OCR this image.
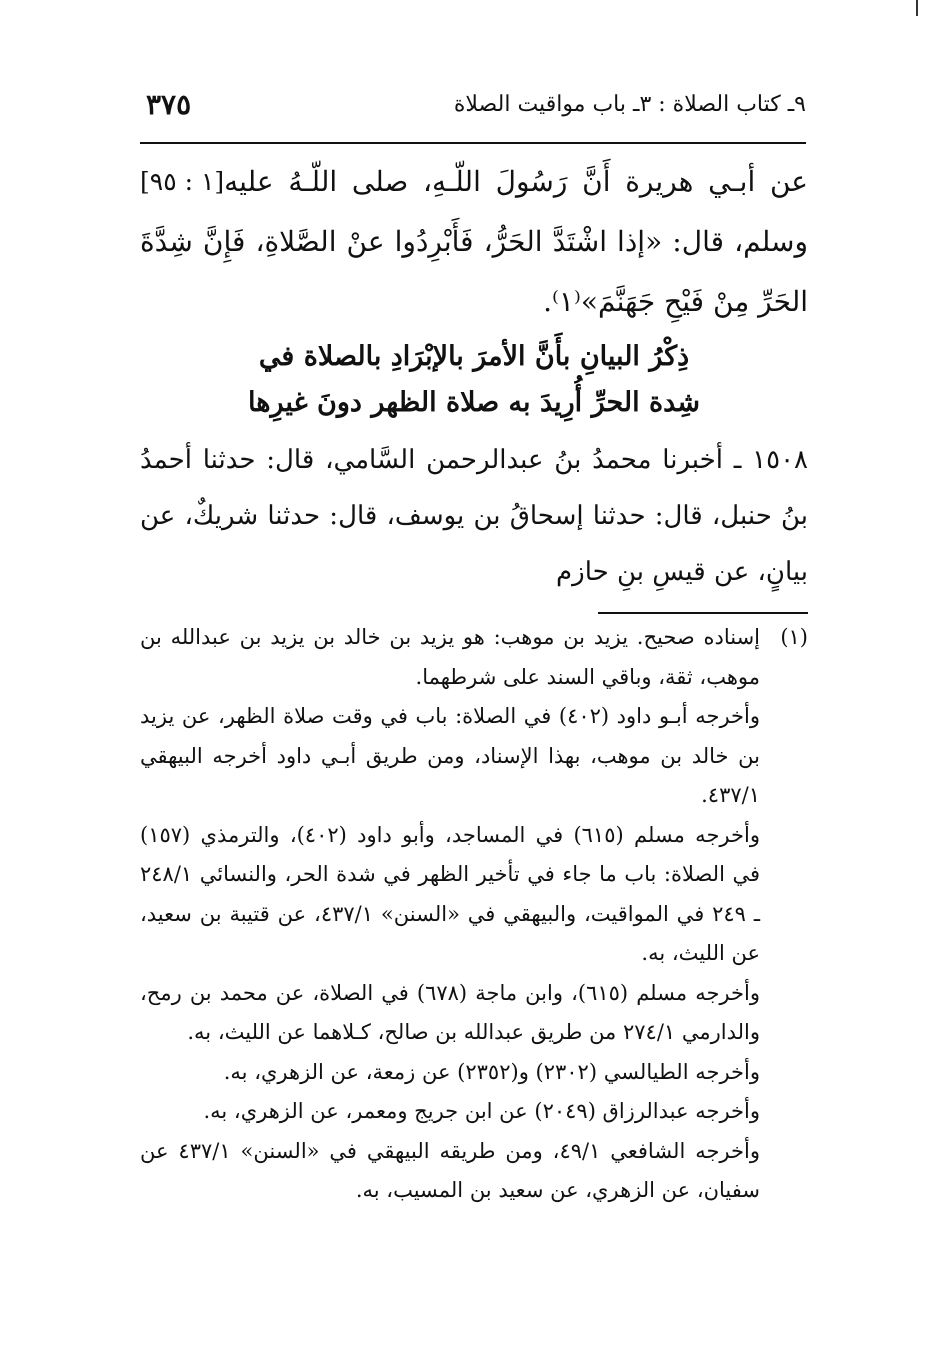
٩ـ كتاب الصلاة : ٣ـ باب مواقيت الصلاة
٣٧٥

[١ : ٩٥] عن أبـي هريرة أَنَّ رَسُولَ اللّـهِ، صلى اللّـهُ عليه وسلم، قال: «إذا اشْتَدَّ الحَرُّ، فَأَبْرِدُوا عنْ الصَّلاةِ، فَإِنَّ شِدَّةَ الحَرِّ مِنْ فَيْحِ جَهَنَّمَ»⁽١⁾.

ذِكْرُ البيانِ بأَنَّ الأمرَ بالإبْرَادِ بالصلاة في شِدة الحرِّ أُرِيدَ به صلاة الظهر دونَ غيرِها

١٥٠٨ ـ أخبرنا محمدُ بنُ عبدالرحمن السَّامي، قال: حدثنا أحمدُ بنُ حنبل، قال: حدثنا إسحاقُ بن يوسف، قال: حدثنا شريكٌ، عن بيانٍ، عن قيسِ بنِ حازم

(١)إسناده صحيح. يزيد بن موهب: هو يزيد بن خالد بن يزيد بن عبدالله بن موهب، ثقة، وباقي السند على شرطهما.

وأخرجه أبـو داود (٤٠٢) في الصلاة: باب في وقت صلاة الظهر، عن يزيد بن خالد بن موهب، بهذا الإسناد، ومن طريق أبـي داود أخرجه البيهقي ٤٣٧/١.

وأخرجه مسلم (٦١٥) في المساجد، وأبو داود (٤٠٢)، والترمذي (١٥٧) في الصلاة: باب ما جاء في تأخير الظهر في شدة الحر، والنسائي ٢٤٨/١ ـ ٢٤٩ في المواقيت، والبيهقي في «السنن» ٤٣٧/١، عن قتيبة بن سعيد، عن الليث، به.

وأخرجه مسلم (٦١٥)، وابن ماجة (٦٧٨) في الصلاة، عن محمد بن رمح، والدارمي ٢٧٤/١ من طريق عبدالله بن صالح، كـلاهما عن الليث، به.

وأخرجه الطيالسي (٢٣٠٢) و(٢٣٥٢) عن زمعة، عن الزهري، به.

وأخرجه عبدالرزاق (٢٠٤٩) عن ابن جريج ومعمر، عن الزهري، به.

وأخرجه الشافعي ٤٩/١، ومن طريقه البيهقي في «السنن» ٤٣٧/١ عن سفيان، عن الزهري، عن سعيد بن المسيب، به.
